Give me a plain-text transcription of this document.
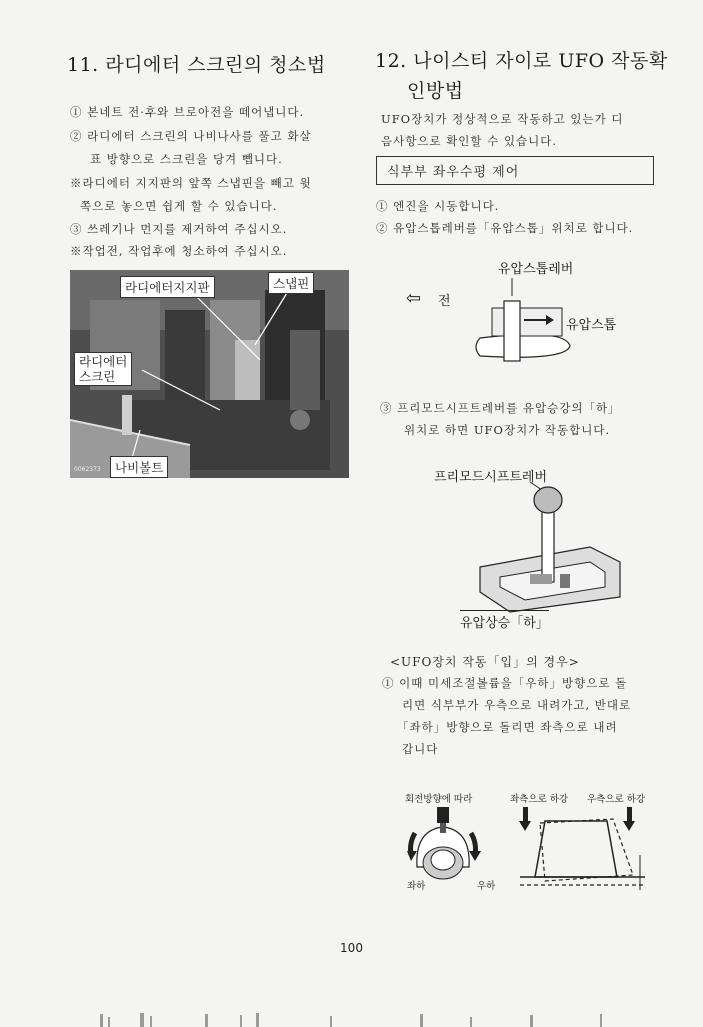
11. 라디에터 스크린의 청소법
① 본네트 전·후와 브로아전을 떼어냅니다.
② 라디에터 스크린의 나비나사를 풀고 화살
표 방향으로 스크린을 당겨 뺍니다.
※라디에터 지지판의 앞쪽 스냅핀을 빼고 윗
쪽으로 놓으면 쉽게 할 수 있습니다.
③ 쓰레기나 먼지를 제거하여 주십시오.
※작업전, 작업후에 청소하여 주십시오.
라디에터지지판	스냅핀
라디에터
스크린
나비볼트
0062373
12. 나이스티 자이로 UFO 작동확
인방법
UFO장치가 정상적으로 작동하고 있는가 디
음사항으로 확인할 수 있습니다.
식부부 좌우수평 제어
① 엔진을 시동합니다.
② 유압스톱레버를「유압스톱」위치로 합니다.
유압스톱레버
⇦ 전
유압스톱
③ 프리모드시프트레버를 유압승강의「하」
위치로 하면 UFO장치가 작동합니다.
프리모드시프트레버
유압상승「하」
<UFO장치 작동「입」의 경우>
① 이때 미세조절볼륨을「우하」방향으로 돌
리면 식부부가 우측으로 내려가고, 반대로
「좌하」방향으로 돌리면 좌측으로 내려
갑니다
회전방향에 따라	좌측으로 하강 우측으로 하강
좌하	우하
100
